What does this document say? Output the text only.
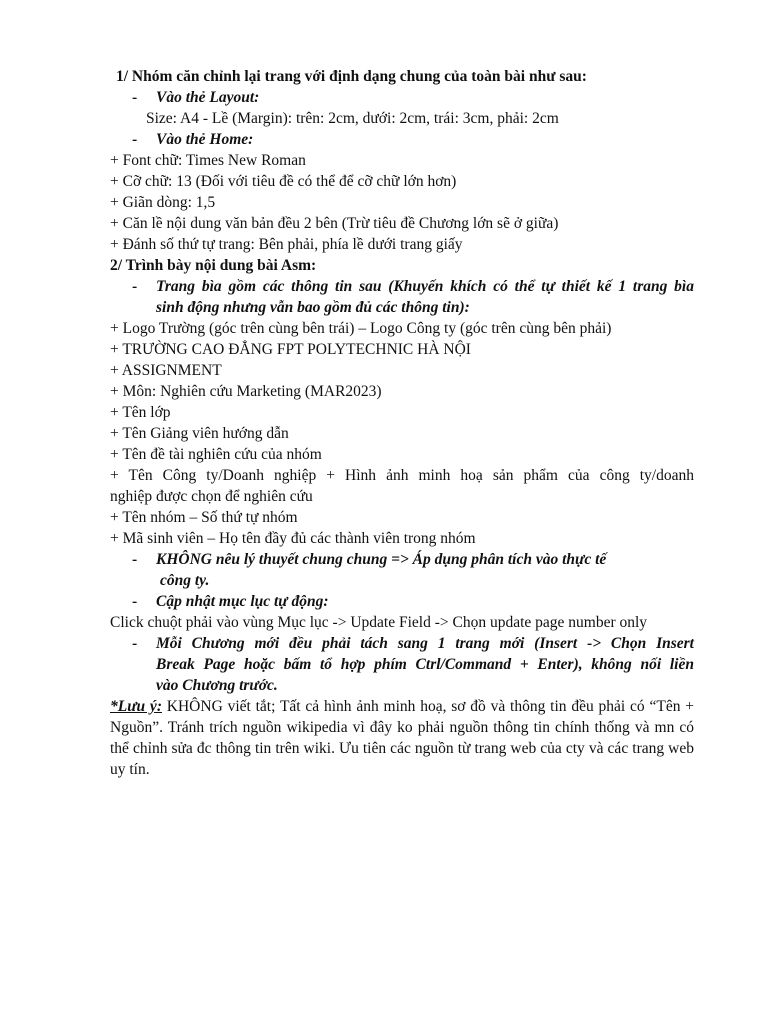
1/ Nhóm căn chỉnh lại trang với định dạng chung của toàn bài như sau:
-	Vào thẻ Layout:
Size: A4 - Lề (Margin): trên: 2cm, dưới: 2cm, trái: 3cm, phải: 2cm
-	Vào thẻ Home:
+ Font chữ: Times New Roman
+ Cỡ chữ: 13 (Đối với tiêu đề có thể để cỡ chữ lớn hơn)
+ Giãn dòng: 1,5
+ Căn lề nội dung văn bản đều 2 bên (Trừ tiêu đề Chương lớn sẽ ở giữa)
+ Đánh số thứ tự trang: Bên phải, phía lề dưới trang giấy
2/ Trình bày nội dung bài Asm:
-	Trang bìa gồm các thông tin sau (Khuyến khích có thể tự thiết kế 1 trang bìa
sinh động nhưng vẫn bao gồm đủ các thông tin):
+ Logo Trường (góc trên cùng bên trái) – Logo Công ty (góc trên cùng bên phải)
+ TRƯỜNG CAO ĐẲNG FPT POLYTECHNIC HÀ NỘI
+ ASSIGNMENT
+ Môn: Nghiên cứu Marketing (MAR2023)
+ Tên lớp
+ Tên Giảng viên hướng dẫn
+ Tên đề tài nghiên cứu của nhóm
+ Tên Công ty/Doanh nghiệp + Hình ảnh minh hoạ sản phẩm của công ty/doanh
nghiệp được chọn để nghiên cứu
+ Tên nhóm – Số thứ tự nhóm
+ Mã sinh viên – Họ tên đầy đủ các thành viên trong nhóm
-	KHÔNG nêu lý thuyết chung chung => Áp dụng phân tích vào thực tế
công ty.
-	Cập nhật mục lục tự động:
Click chuột phải vào vùng Mục lục -> Update Field -> Chọn update page number only
-	Mỗi Chương mới đều phải tách sang 1 trang mới (Insert -> Chọn Insert
Break Page hoặc bấm tổ hợp phím Ctrl/Command + Enter), không nối liền
vào Chương trước.
*Lưu ý: KHÔNG viết tắt; Tất cả hình ảnh minh hoạ, sơ đồ và thông tin đều phải có “Tên + Nguồn”. Tránh trích nguồn wikipedia vì đây ko phải nguồn thông tin chính thống và mn có thể chỉnh sửa đc thông tin trên wiki. Ưu tiên các nguồn từ trang web của cty và các trang web uy tín.
